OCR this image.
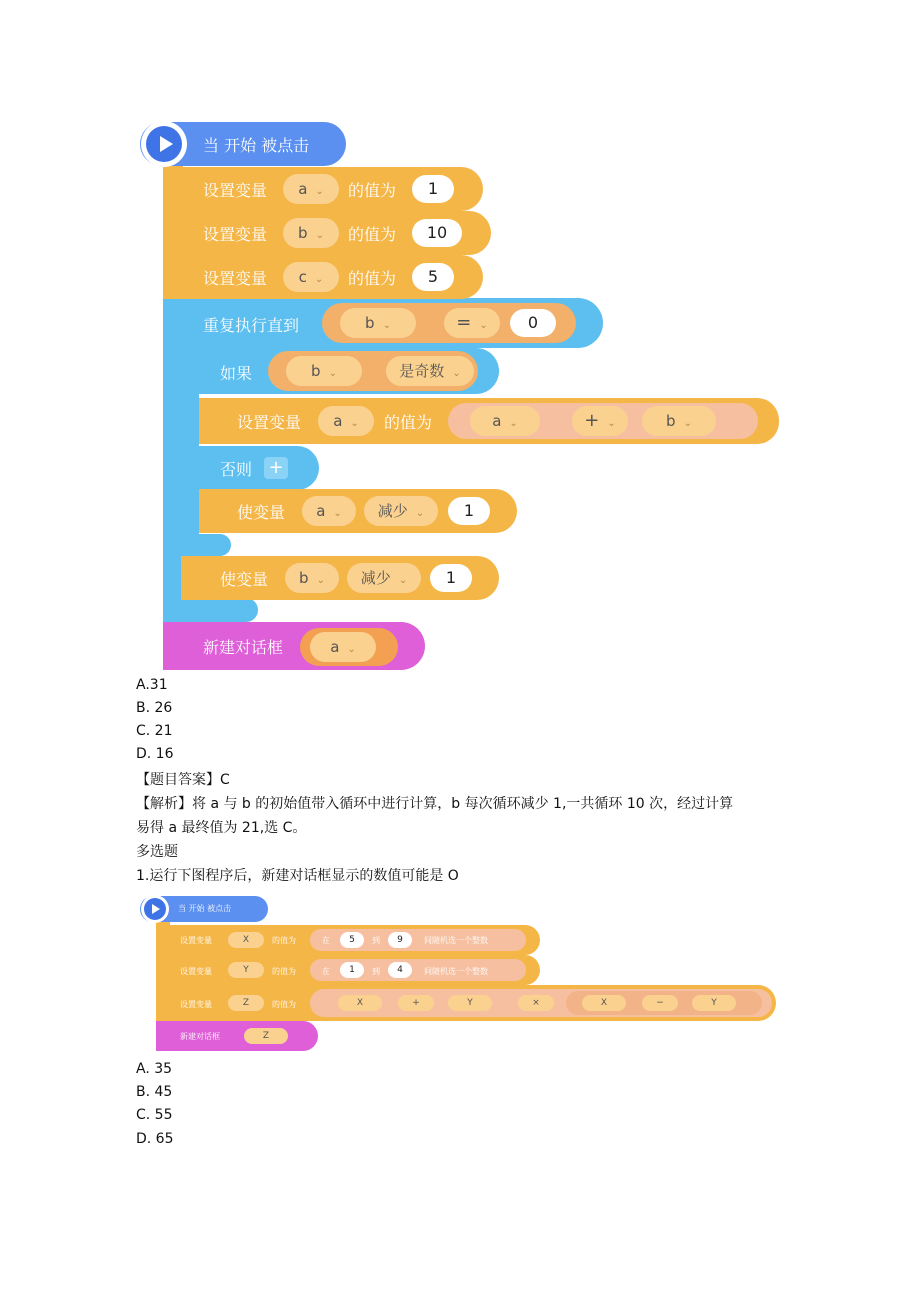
当 开始 被点击
设置变量	a ⌄	的值为	1
设置变量	b ⌄	的值为	10
设置变量	c ⌄	的值为	5
重复执行直到	b ⌄	= ⌄	0
如果	b ⌄	是奇数 ⌄
设置变量	a ⌄	的值为	a ⌄	+ ⌄	b ⌄
否则 +
使变量	a ⌄	减少 ⌄	1
使变量	b ⌄	减少 ⌄	1
新建对话框	a ⌄
A.31
B. 26
C. 21
D. 16
【题目答案】C
【解析】将 a 与 b 的初始值带入循环中进行计算，b 每次循环减少 1,一共循环 10 次，经过计算
易得 a 最终值为 21,选 C。
多选题
1.运行下图程序后，新建对话框显示的数值可能是 O
当 开始 被点击
设置变量	X	的值为	在	5	到	9	间随机选一个整数
设置变量	Y	的值为	在	1	到	4	间随机选一个整数
设置变量	Z	的值为	X	+	Y	×	X	−	Y
新建对话框	Z
A. 35
B. 45
C. 55
D. 65
